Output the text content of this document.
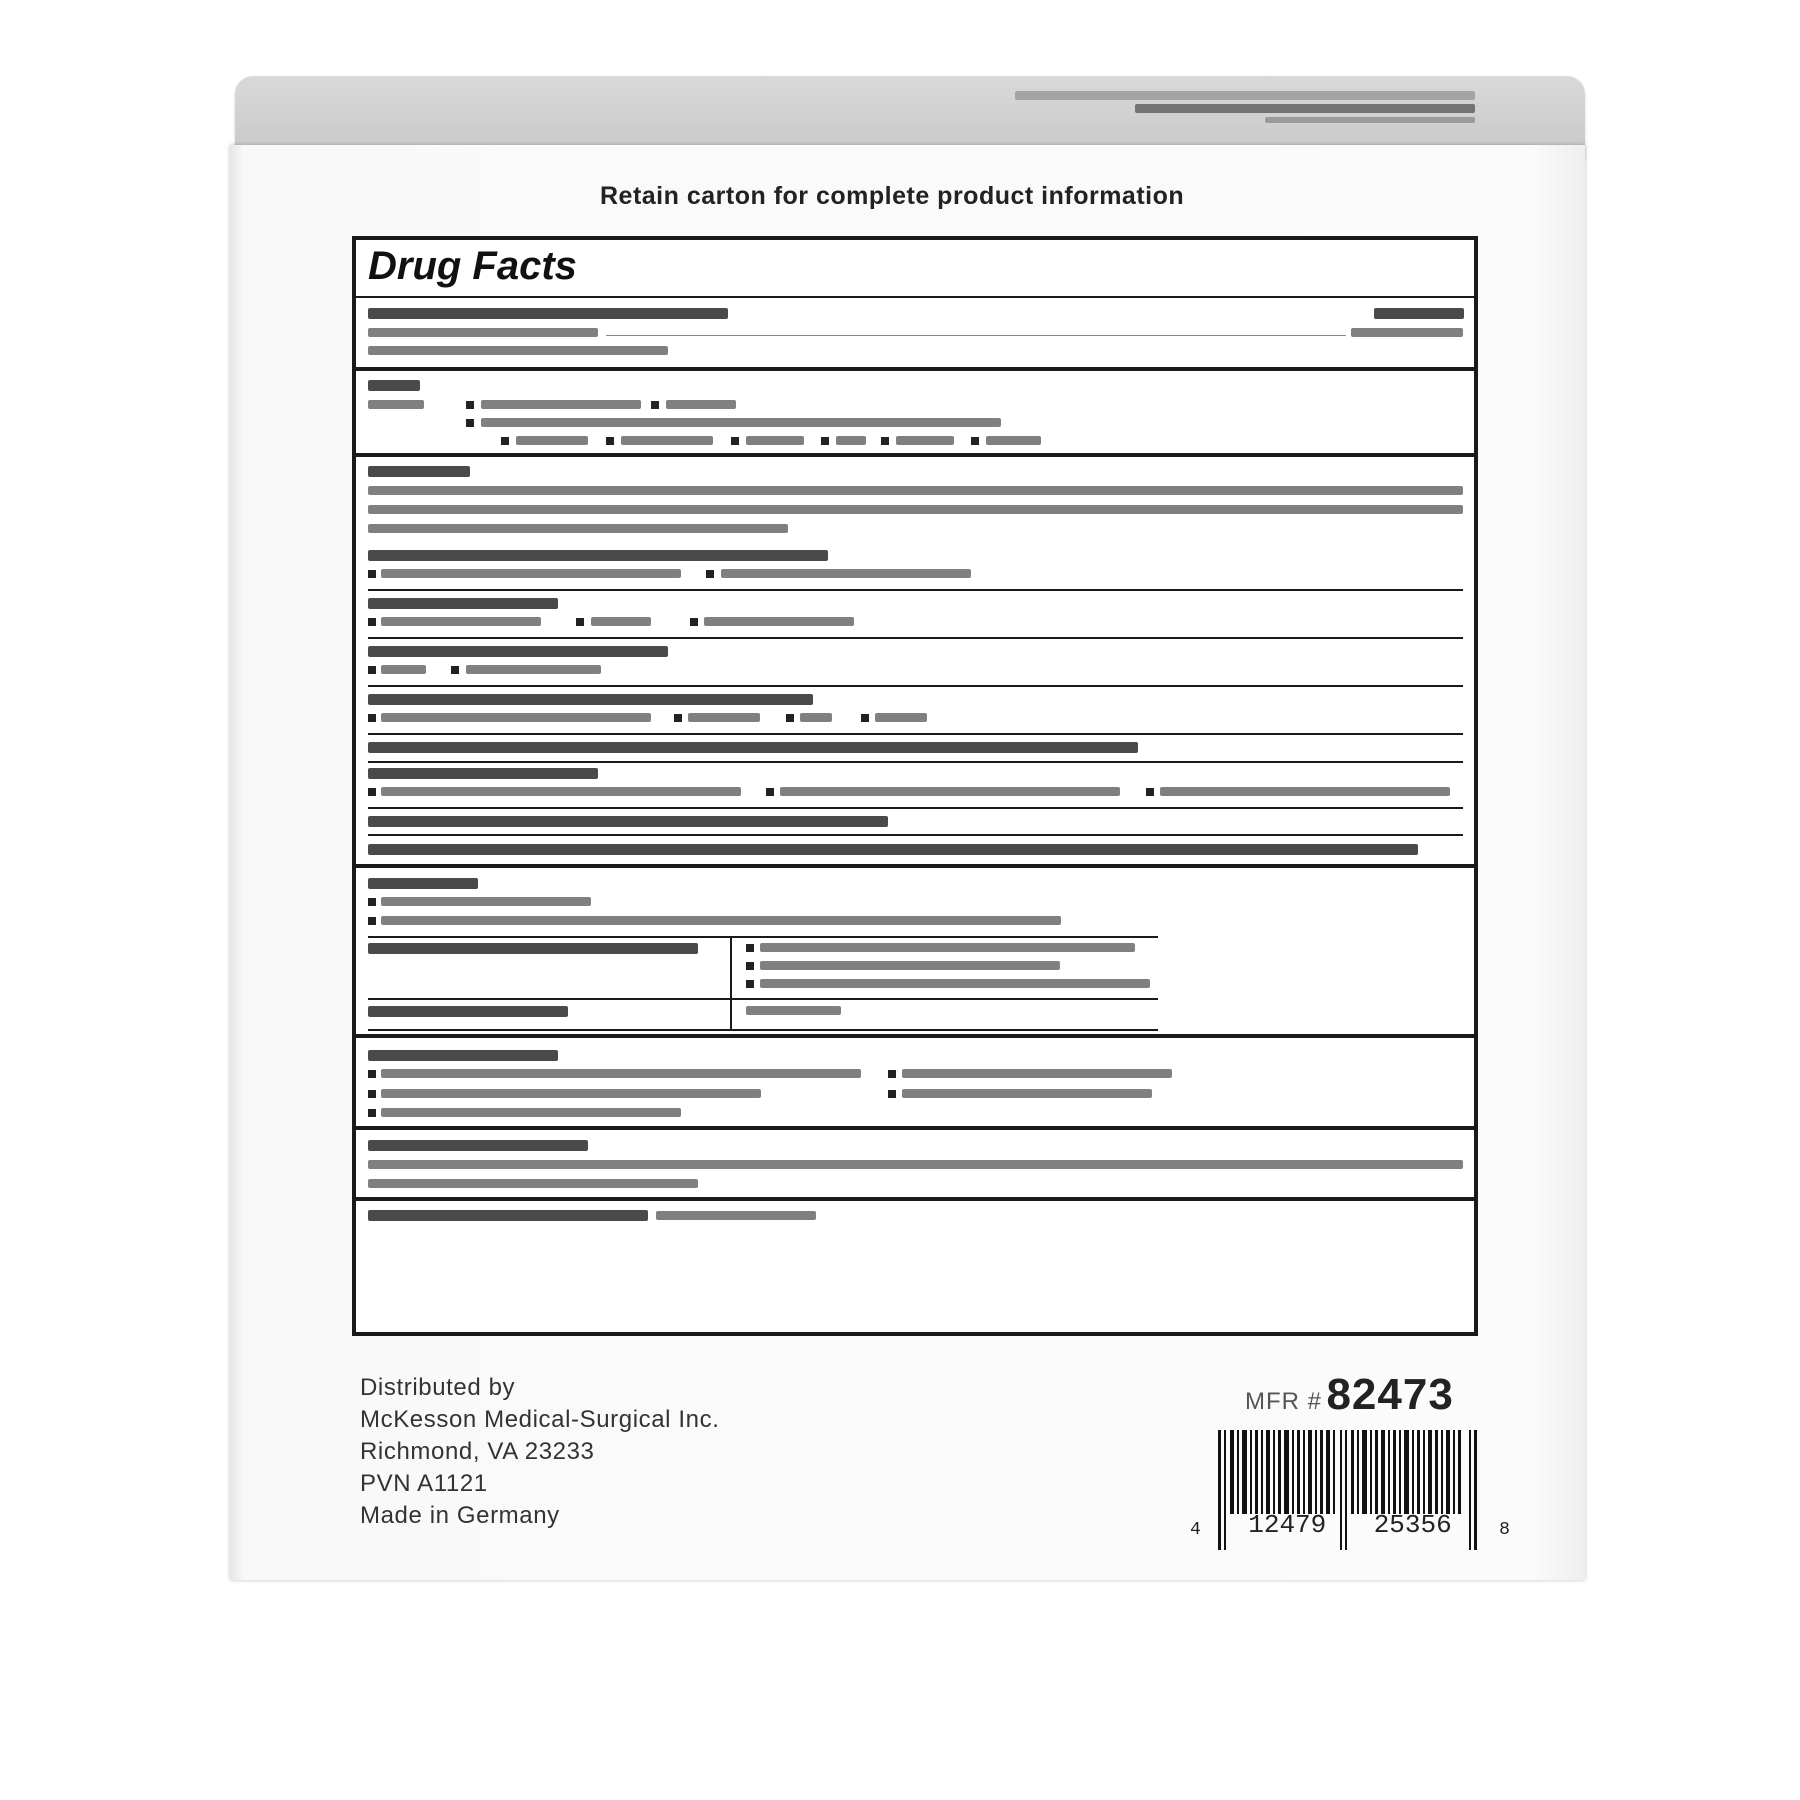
Retain carton for complete product information
Drug Facts
Distributed by
McKesson Medical-Surgical Inc.
Richmond, VA 23233
PVN A1121
Made in Germany
MFR # 82473
4 12479 25356	8
